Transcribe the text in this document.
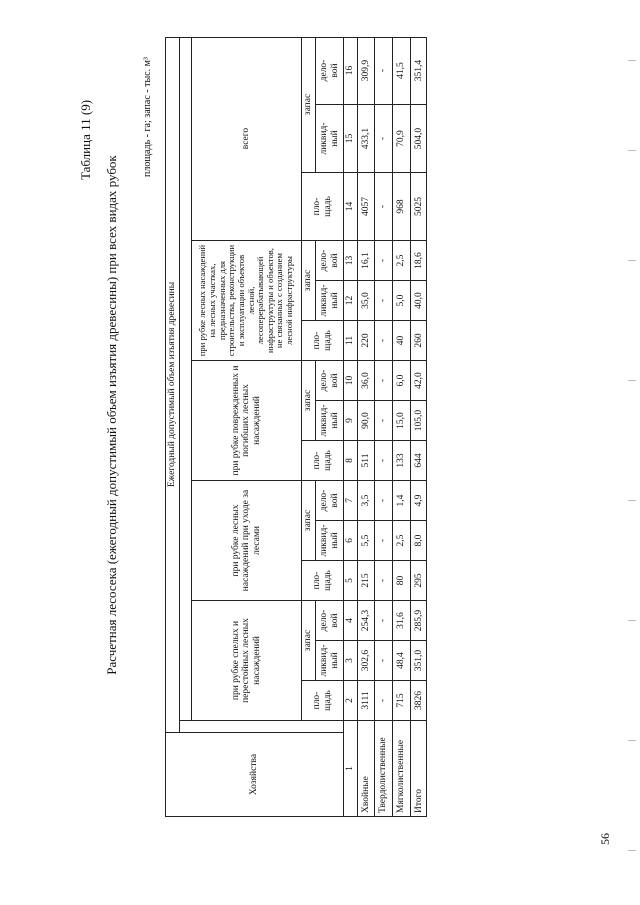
Таблица 11 (9)
Расчетная лесосека (ежегодный допустимый объем изъятия древесины) при всех видах рубок
площадь - га; запас - тыс. м³
Хозяйства
Ежегодный допустимый объем изъятия древесины
при рубке спелых и перестойных лесных насаждений
пло-
щадь
запас
ликвид-
ный
дело-
вой
при рубке лесных насаждений при уходе за лесами
пло-
щадь
запас
ликвид-
ный
дело-
вой
при рубке поврежденных и погибших лесных насаждений
пло-
щадь
запас
ликвид-
ный
дело-
вой
при рубке лесных насаждений на лесных участках, предназначенных для строительства, реконструкции и эксплуатации объектов лесной, лесоперерабатывающей инфраструктуры и объектов, не связанных с созданием лесной инфраструктуры	пло-
щадь
запас
ликвид-
ный
дело-
вой
всего
пло-
щадь
запас
ликвид-
ный
дело-
вой
1
2
3
4
5
6
7
8
9
10
11
12
13
14
15
16
Хвойные
3111
302,6
254,3
215
5,5
3,5
511
90,0
36,0
220
35,0
16,1
4057
433,1
309,9
Твердолиственные
-
-
-
-
-
-
-
-
-
-
-
-
-
-
-
Мягколиственные
715
48,4
31,6
80
2,5
1,4
133
15,0
6,0
40
5,0
2,5
968
70,9
41,5
Итого
3826
351,0
285,9
295
8,0
4,9
644
105,0
42,0
260
40,0
18,6
5025
504,0
351,4
56
